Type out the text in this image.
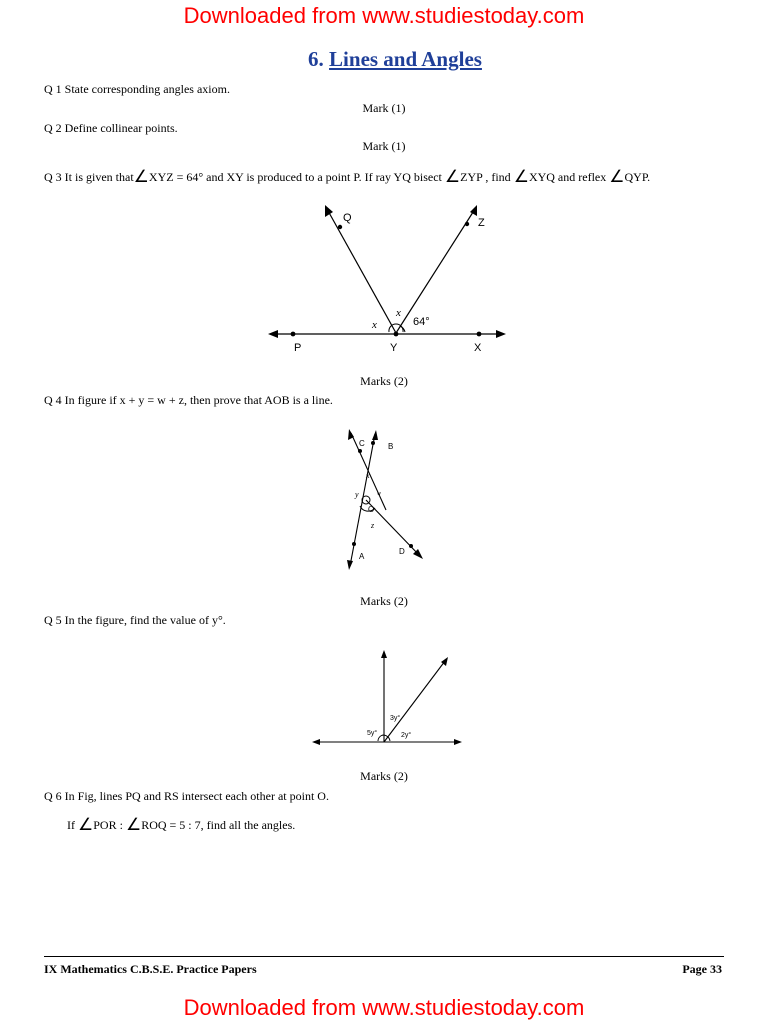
Downloaded from www.studiestoday.com
6. Lines and Angles
Q 1 State corresponding angles axiom.
Mark (1)
Q 2 Define collinear points.
Mark (1)
Q 3 It is given that∠XYZ = 64° and XY is produced to a point P. If ray YQ bisect ∠ZYP , find ∠XYQ and reflex ∠QYP.
Q	Z
P	Y	X
x
x
64°
Marks (2)
Q 4 In figure if x + y = w + z, then prove that AOB is a line.
C	B
O
A
D
x
y	w
z
Marks (2)
Q 5 In the figure, find the value of y°.
5y°
3y°
2y°
Marks (2)
Q 6 In Fig, lines PQ and RS intersect each other at point O.
If ∠POR : ∠ROQ = 5 : 7, find all the angles.
IX Mathematics C.B.S.E. Practice Papers	Page 33
Downloaded from www.studiestoday.com
